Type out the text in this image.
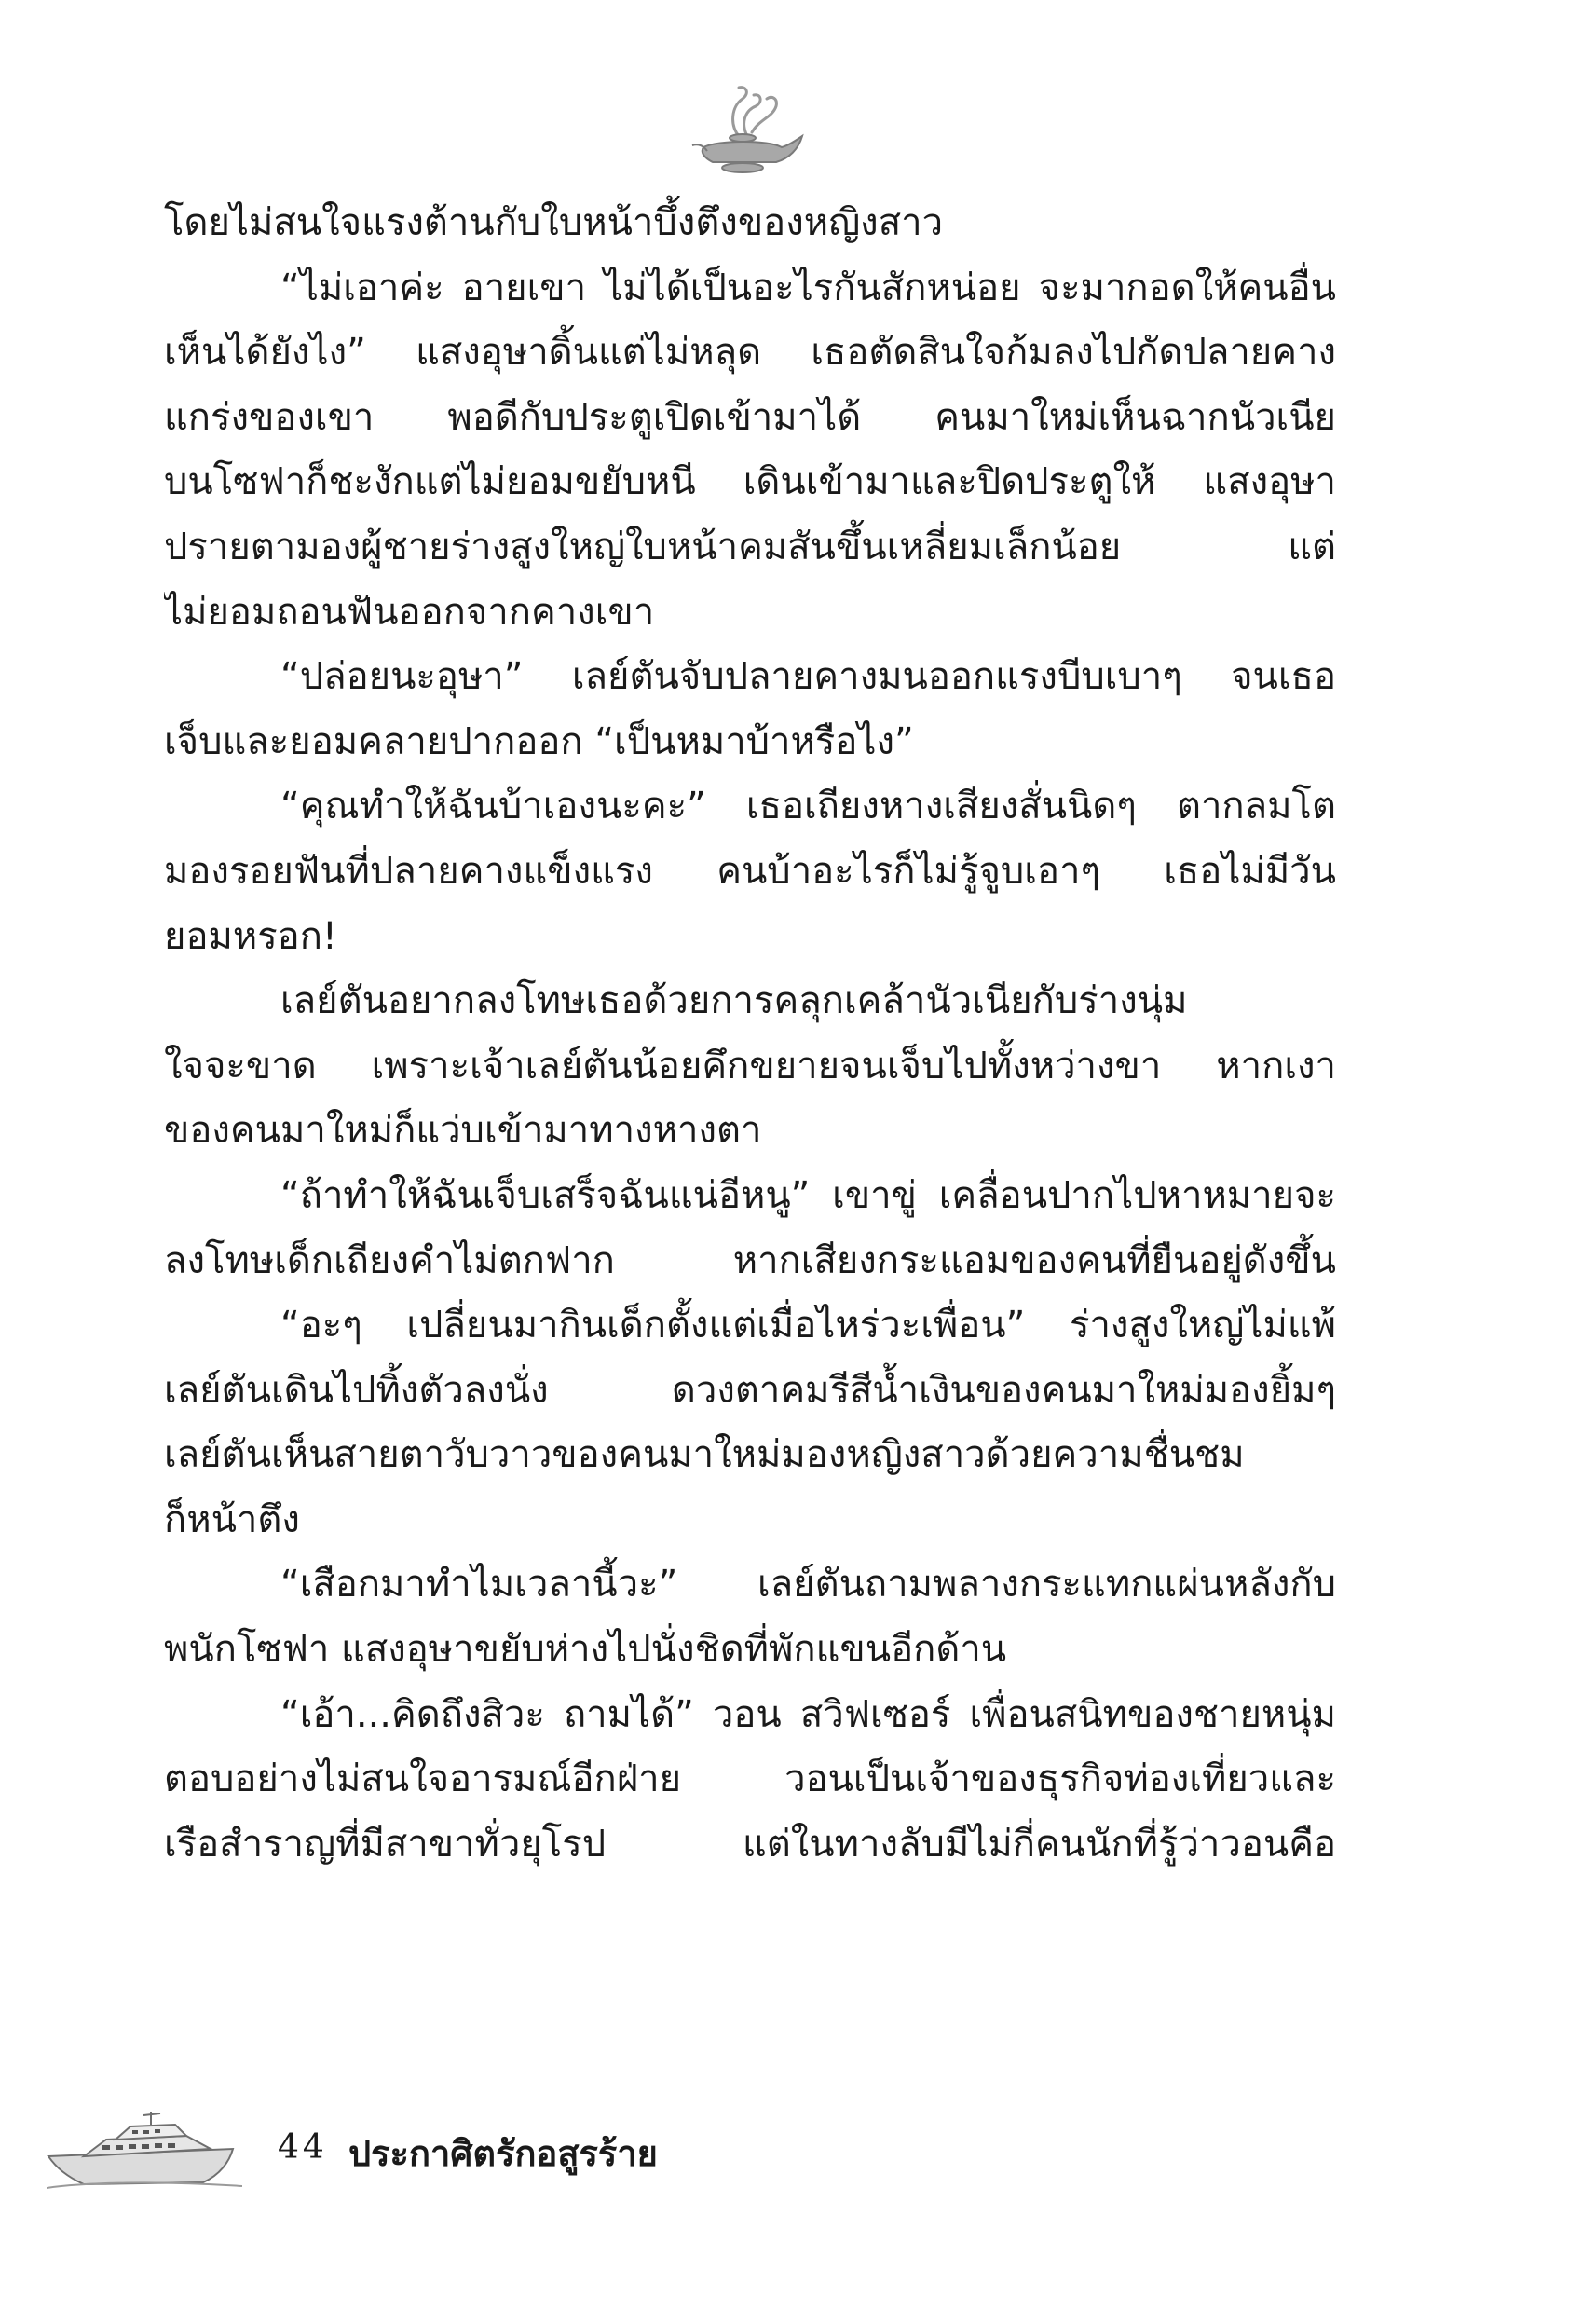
โดยไม่สนใจแรงต้านกับใบหน้าบึ้งตึงของหญิงสาว
“ไม่เอาค่ะ อายเขา ไม่ได้เป็นอะไรกันสักหน่อย จะมากอดให้คนอื่น
เห็นได้ยังไง” แสงอุษาดิ้นแต่ไม่หลุด เธอตัดสินใจก้มลงไปกัดปลายคาง
แกร่งของเขา พอดีกับประตูเปิดเข้ามาได้ คนมาใหม่เห็นฉากนัวเนีย
บนโซฟาก็ชะงักแต่ไม่ยอมขยับหนี เดินเข้ามาและปิดประตูให้ แสงอุษา
ปรายตามองผู้ชายร่างสูงใหญ่ใบหน้าคมสันขึ้นเหลี่ยมเล็กน้อย แต่
ไม่ยอมถอนฟันออกจากคางเขา
“ปล่อยนะอุษา” เลย์ตันจับปลายคางมนออกแรงบีบเบาๆ จนเธอ
เจ็บและยอมคลายปากออก “เป็นหมาบ้าหรือไง”
“คุณทำให้ฉันบ้าเองนะคะ” เธอเถียงหางเสียงสั่นนิดๆ ตากลมโต
มองรอยฟันที่ปลายคางแข็งแรง คนบ้าอะไรก็ไม่รู้จูบเอาๆ เธอไม่มีวัน
ยอมหรอก!
เลย์ตันอยากลงโทษเธอด้วยการคลุกเคล้านัวเนียกับร่างนุ่ม
ใจจะขาด เพราะเจ้าเลย์ตันน้อยคึกขยายจนเจ็บไปทั้งหว่างขา หากเงา
ของคนมาใหม่ก็แว่บเข้ามาทางหางตา
“ถ้าทำให้ฉันเจ็บเสร็จฉันแน่อีหนู” เขาขู่ เคลื่อนปากไปหาหมายจะ
ลงโทษเด็กเถียงคำไม่ตกฟาก หากเสียงกระแอมของคนที่ยืนอยู่ดังขึ้น
“อะๆ เปลี่ยนมากินเด็กตั้งแต่เมื่อไหร่วะเพื่อน” ร่างสูงใหญ่ไม่แพ้
เลย์ตันเดินไปทิ้งตัวลงนั่ง ดวงตาคมรีสีน้ำเงินของคนมาใหม่มองยิ้มๆ
เลย์ตันเห็นสายตาวับวาวของคนมาใหม่มองหญิงสาวด้วยความชื่นชม
ก็หน้าตึง
“เสือกมาทำไมเวลานี้วะ” เลย์ตันถามพลางกระแทกแผ่นหลังกับ
พนักโซฟา แสงอุษาขยับห่างไปนั่งชิดที่พักแขนอีกด้าน
“เอ้า...คิดถึงสิวะ ถามได้” วอน สวิฟเซอร์ เพื่อนสนิทของชายหนุ่ม
ตอบอย่างไม่สนใจอารมณ์อีกฝ่าย วอนเป็นเจ้าของธุรกิจท่องเที่ยวและ
เรือสำราญที่มีสาขาทั่วยุโรป แต่ในทางลับมีไม่กี่คนนักที่รู้ว่าวอนคือ
44 ประกาศิตรักอสูรร้าย
